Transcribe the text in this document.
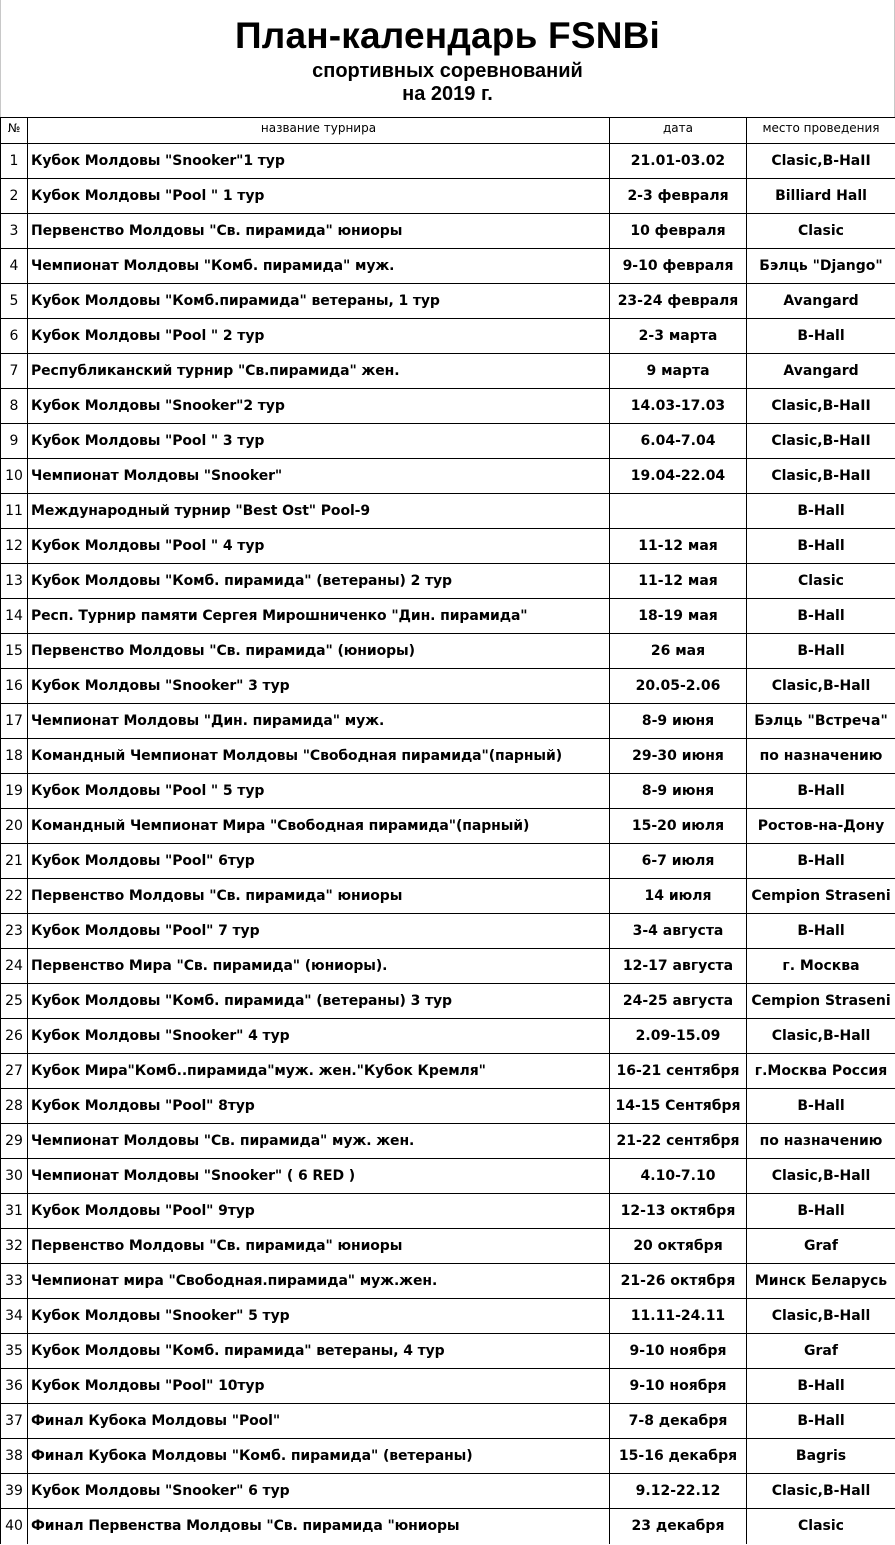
План-календарь FSNBi
спортивных соревнований
на 2019 г.
№	название турнира	дата	место проведения
1	Кубок Молдовы "Snooker"1 тур	21.01-03.02	Clasic,B-HaII
2	Кубок Молдовы "Pool " 1 тур	2-3 февраля	Billiard Hall
3	Первенство Молдовы "Св. пирамида" юниоры	10 февраля	Clasic
4	Чемпионат Молдовы "Комб. пирамида" муж.	9-10 февраля	Бэлць "Django"
5	Кубок Молдовы "Комб.пирамида" ветераны, 1 тур	23-24 февраля	Avangard
6	Кубок Молдовы "Pool " 2 тур	2-3 марта	B-Hall
7	Республиканский турнир "Св.пирамида" жен.	9 марта	Avangard
8	Кубок Молдовы "Snooker"2 тур	14.03-17.03	Clasic,B-HaII
9	Кубок Молдовы "Pool " 3 тур	6.04-7.04	Clasic,B-HaII
10	Чемпионат Молдовы "Snooker"	19.04-22.04	Clasic,B-HaII
11	Международный турнир "Best Ost" Pool-9		B-Hall
12	Кубок Молдовы "Pool " 4 тур	11-12 мая	B-Hall
13	Кубок Молдовы "Комб. пирамида" (ветераны) 2 тур	11-12 мая	Clasic
14	Респ. Турнир памяти Сергея Мирошниченко "Дин. пирамида"	18-19 мая	B-Hall
15	Первенство Молдовы "Св. пирамида" (юниоры)	26 мая	B-Hall
16	Кубок Молдовы "Snooker" 3 тур	20.05-2.06	Clasic,B-Hall
17	Чемпионат Молдовы "Дин. пирамида" муж.	8-9 июня	Бэлць "Встреча"
18	Командный Чемпионат Молдовы "Свободная пирамида"(парный)	29-30 июня	по назначению
19	Кубок Молдовы "Pool " 5 тур	8-9 июня	B-Hall
20	Командный Чемпионат Мира "Свободная пирамида"(парный)	15-20 июля	Ростов-на-Дону
21	Кубок Молдовы "Pool" 6тур	6-7 июля	B-Hall
22	Первенство Молдовы "Св. пирамида" юниоры	14 июля	Cempion Straseni
23	Кубок Молдовы "Pool" 7 тур	3-4 августа	B-Hall
24	Первенство Мира "Св. пирамида" (юниоры).	12-17 августа	г. Москва
25	Кубок Молдовы "Комб. пирамида" (ветераны) 3 тур	24-25 августа	Cempion Straseni
26	Кубок Молдовы "Snooker" 4 тур	2.09-15.09	Clasic,B-Hall
27	Кубок Мира"Комб..пирамида"муж. жен."Кубок Кремля"	16-21 сентября	г.Москва Россия
28	Кубок Молдовы "Pool" 8тур	14-15 Сентября	B-Hall
29	Чемпионат Молдовы "Св. пирамида" муж. жен.	21-22 сентября	по назначению
30	Чемпионат Молдовы "Snooker" ( 6 RED )	4.10-7.10	Clasic,B-Hall
31	Кубок Молдовы "Pool" 9тур	12-13 октября	B-Hall
32	Первенство Молдовы "Св. пирамида" юниоры	20 октября	Graf
33	Чемпионат мира "Свободная.пирамида" муж.жен.	21-26 октября	Минск Беларусь
34	Кубок Молдовы "Snooker" 5 тур	11.11-24.11	Clasic,B-Hall
35	Кубок Молдовы "Комб. пирамида" ветераны, 4 тур	9-10 ноября	Graf
36	Кубок Молдовы "Pool" 10тур	9-10 ноября	B-Hall
37	Финал Кубока Молдовы "Pool"	7-8 декабря	B-Hall
38	Финал Кубока Молдовы "Комб. пирамида" (ветераны)	15-16 декабря	Bagris
39	Кубок Молдовы "Snooker" 6 тур	9.12-22.12	Clasic,B-Hall
40	Финал Первенства Молдовы "Св. пирамида "юниоры	23 декабря	Clasic
